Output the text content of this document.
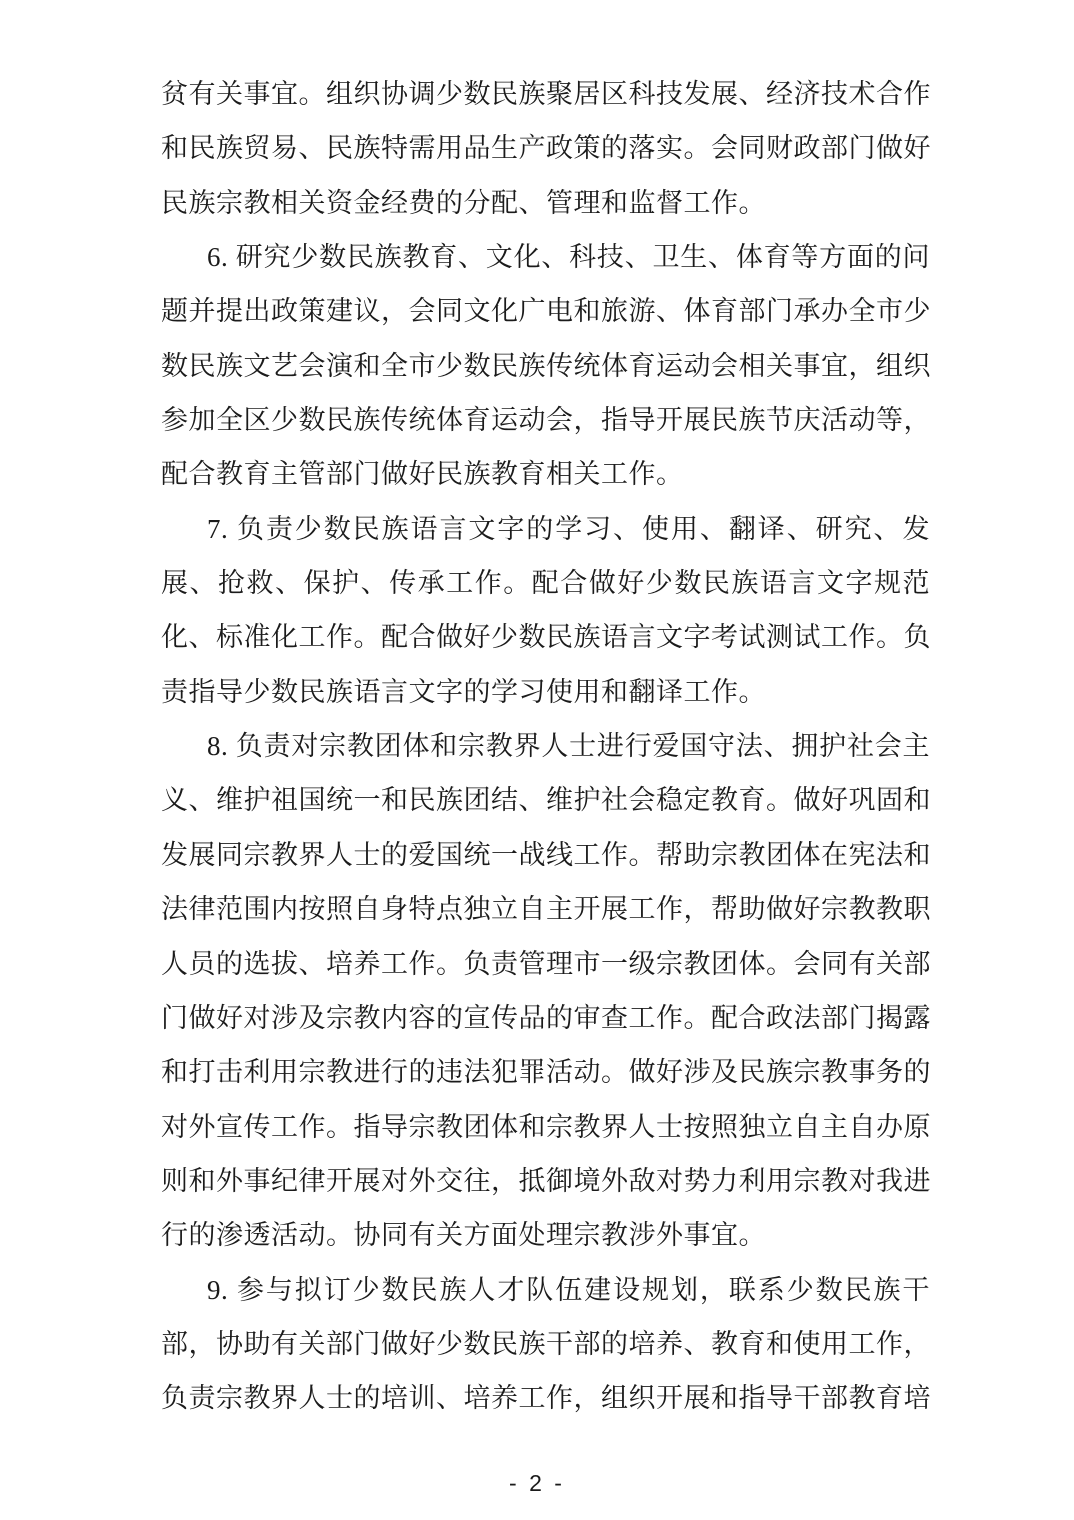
贫有关事宜。组织协调少数民族聚居区科技发展、经济技术合作
和民族贸易、民族特需用品生产政策的落实。会同财政部门做好
民族宗教相关资金经费的分配、管理和监督工作。
6. 研究少数民族教育、文化、科技、卫生、体育等方面的问
题并提出政策建议，会同文化广电和旅游、体育部门承办全市少
数民族文艺会演和全市少数民族传统体育运动会相关事宜，组织
参加全区少数民族传统体育运动会，指导开展民族节庆活动等，
配合教育主管部门做好民族教育相关工作。
7. 负责少数民族语言文字的学习、使用、翻译、研究、发
展、抢救、保护、传承工作。配合做好少数民族语言文字规范
化、标准化工作。配合做好少数民族语言文字考试测试工作。负
责指导少数民族语言文字的学习使用和翻译工作。
8. 负责对宗教团体和宗教界人士进行爱国守法、拥护社会主
义、维护祖国统一和民族团结、维护社会稳定教育。做好巩固和
发展同宗教界人士的爱国统一战线工作。帮助宗教团体在宪法和
法律范围内按照自身特点独立自主开展工作，帮助做好宗教教职
人员的选拔、培养工作。负责管理市一级宗教团体。会同有关部
门做好对涉及宗教内容的宣传品的审查工作。配合政法部门揭露
和打击利用宗教进行的违法犯罪活动。做好涉及民族宗教事务的
对外宣传工作。指导宗教团体和宗教界人士按照独立自主自办原
则和外事纪律开展对外交往，抵御境外敌对势力利用宗教对我进
行的渗透活动。协同有关方面处理宗教涉外事宜。
9. 参与拟订少数民族人才队伍建设规划，联系少数民族干
部，协助有关部门做好少数民族干部的培养、教育和使用工作，
负责宗教界人士的培训、培养工作，组织开展和指导干部教育培
- 2 -
